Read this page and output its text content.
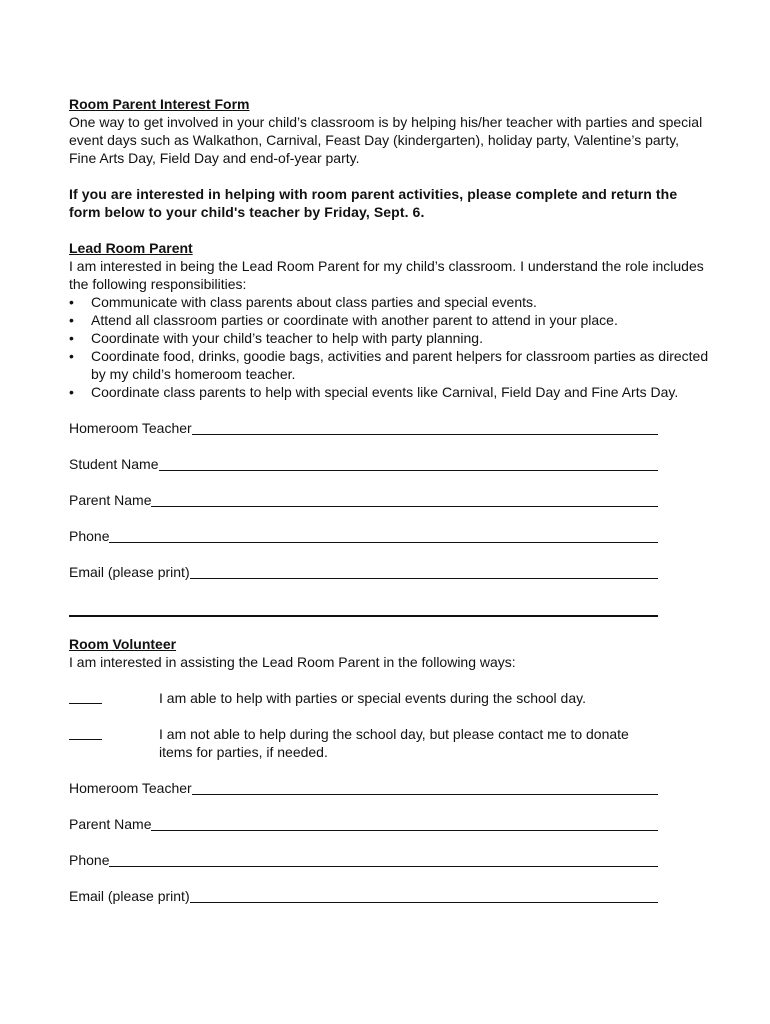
Room Parent Interest Form

One way to get involved in your child’s classroom is by helping his/her teacher with parties and special event days such as Walkathon, Carnival, Feast Day (kindergarten), holiday party, Valentine’s party, Fine Arts Day, Field Day and end-of-year party.

If you are interested in helping with room parent activities, please complete and return the form below to your child's teacher by Friday, Sept. 6.

Lead Room Parent

I am interested in being the Lead Room Parent for my child’s classroom. I understand the role includes the following responsibilities:

•	Communicate with class parents about class parties and special events.
•	Attend all classroom parties or coordinate with another parent to attend in your place.
•	Coordinate with your child’s teacher to help with party planning.
•	Coordinate food, drinks, goodie bags, activities and parent helpers for classroom parties as directed by my child’s homeroom teacher.
•	Coordinate class parents to help with special events like Carnival, Field Day and Fine Arts Day.
Homeroom Teacher
Student Name
Parent Name
Phone
Email (please print)

Room Volunteer

I am interested in assisting the Lead Room Parent in the following ways:

I am able to help with parties or special events during the school day.
I am not able to help during the school day, but please contact me to donate items for parties, if needed.
Homeroom Teacher
Parent Name
Phone
Email (please print)
